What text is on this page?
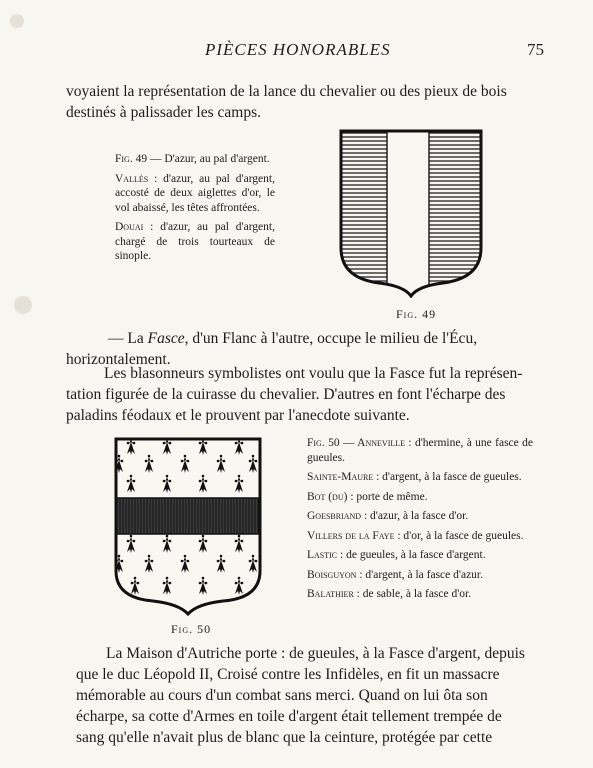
PIÈCES HONORABLES	75
voyaient la représentation de la lance du chevalier ou des pieux de bois
destinés à palissader les camps.

Fig. 49 — D'azur, au pal d'argent.

Vallès : d'azur, au pal d'argent, accosté de deux aiglettes d'or, le vol abaissé, les têtes affrontées.

Douai : d'azur, au pal d'argent, chargé de trois tourteaux de sinople.

Fig. 49
— La Fasce, d'un Flanc à l'autre, occupe le milieu de l'Écu,
horizontalement.
Les blasonneurs symbolistes ont voulu que la Fasce fut la représen-
tation figurée de la cuirasse du chevalier. D'autres en font l'écharpe des
paladins féodaux et le prouvent par l'anecdote suivante.
Fig. 50

Fig. 50 — Anneville : d'hermine, à une fasce de gueules.

Sainte-Maure : d'argent, à la fasce de gueules.

Bot (du) : porte de même.

Goesbriand : d'azur, à la fasce d'or.

Villers de la Faye : d'or, à la fasce de gueules.

Lastic : de gueules, à la fasce d'argent.

Boisguyon : d'argent, à la fasce d'azur.

Balathier : de sable, à la fasce d'or.

La Maison d'Autriche porte : de gueules, à la Fasce d'argent, depuis
que le duc Léopold II, Croisé contre les Infidèles, en fit un massacre
mémorable au cours d'un combat sans merci. Quand on lui ôta son
écharpe, sa cotte d'Armes en toile d'argent était tellement trempée de
sang qu'elle n'avait plus de blanc que la ceinture, protégée par cette
